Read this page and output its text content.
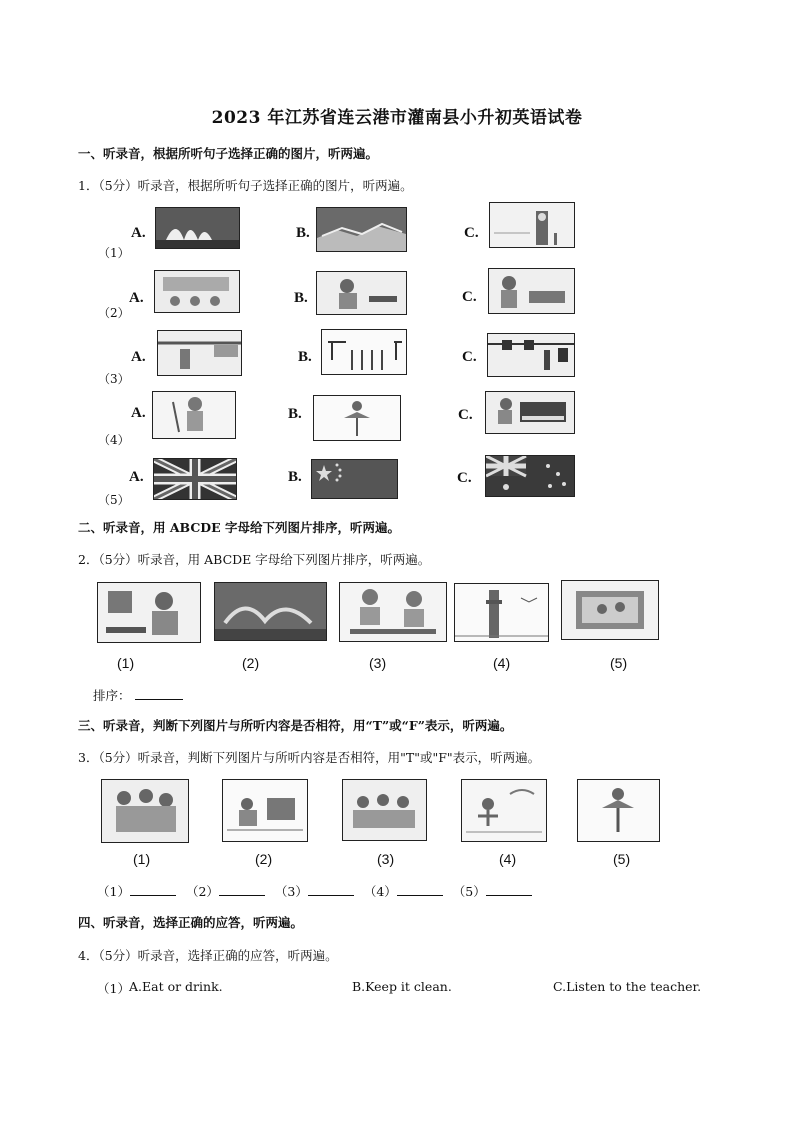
2023 年江苏省连云港市灌南县小升初英语试卷
一、听录音，根据所听句子选择正确的图片，听两遍。
1．（5分）听录音，根据所听句子选择正确的图片，听两遍。
A.	B.	C.
（1）
A.	B.	C.
（2）
A.	B.	C.
（3）
A.	B.	C.
（4）
A.	B.	C.
（5）
二、听录音，用 ABCDE 字母给下列图片排序，听两遍。
2．（5分）听录音，用 ABCDE 字母给下列图片排序，听两遍。
(1)	(2)	(3)	(4)	(5)
排序：
三、听录音，判断下列图片与所听内容是否相符，用“T”或“F”表示，听两遍。
3．（5分）听录音，判断下列图片与所听内容是否相符，用"T"或"F"表示，听两遍。
(1)	(2)	(3)	(4)	(5)
（1）	（2）	（3）	（4）	（5）
四、听录音，选择正确的应答，听两遍。
4．（5分）听录音，选择正确的应答，听两遍。
（1） A.Eat or drink.	B.Keep it clean.	C.Listen to the teacher.
